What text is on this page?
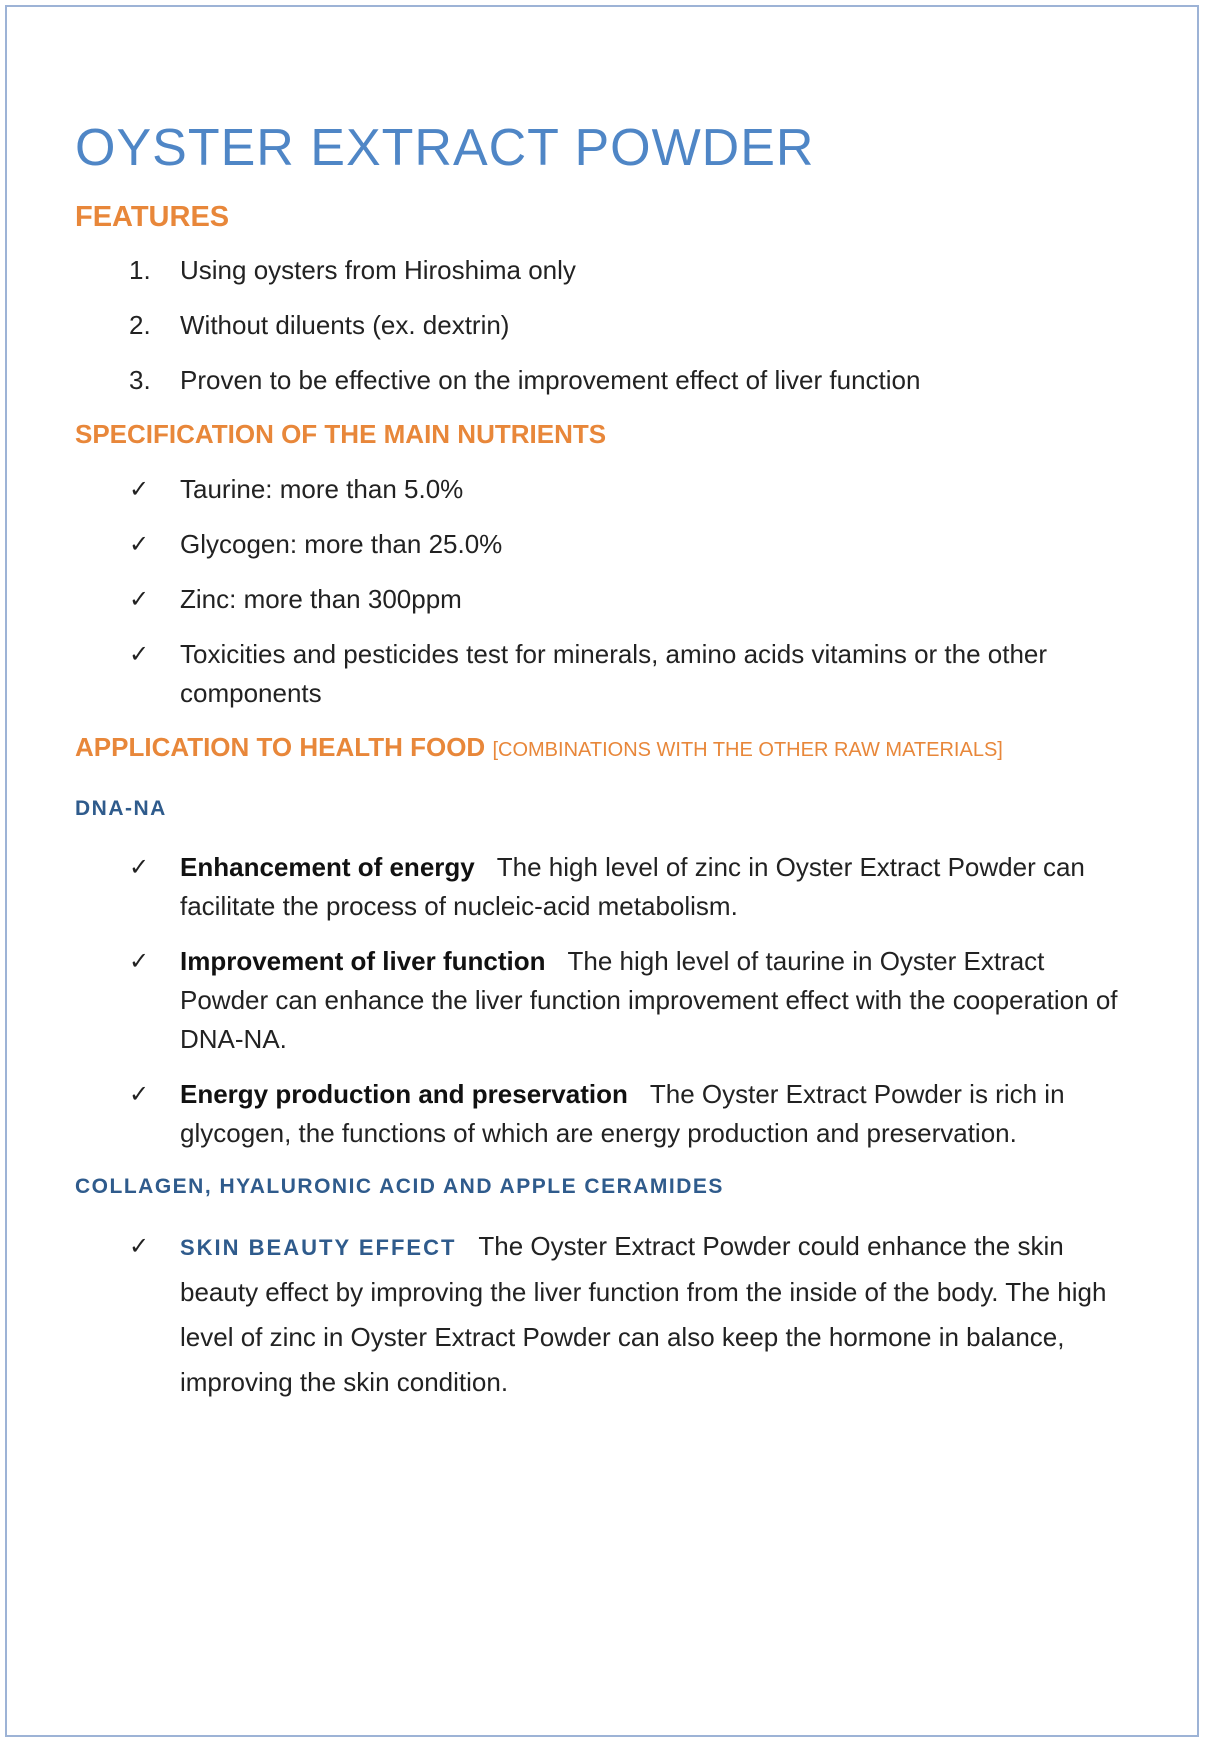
OYSTER EXTRACT POWDER
FEATURES
1.	Using oysters from Hiroshima only
2.	Without diluents (ex. dextrin)
3.	Proven to be effective on the improvement effect of liver function
SPECIFICATION OF THE MAIN NUTRIENTS
✓	Taurine: more than 5.0%
✓	Glycogen: more than 25.0%
✓	Zinc: more than 300ppm
✓	Toxicities and pesticides test for minerals, amino acids vitamins or the other components
APPLICATION TO HEALTH FOOD [COMBINATIONS WITH THE OTHER RAW MATERIALS]
DNA-NA
✓	Enhancement of energy The high level of zinc in Oyster Extract Powder can facilitate the process of nucleic-acid metabolism.
✓	Improvement of liver function The high level of taurine in Oyster Extract Powder can enhance the liver function improvement effect with the cooperation of DNA-NA.
✓	Energy production and preservation The Oyster Extract Powder is rich in glycogen, the functions of which are energy production and preservation.
COLLAGEN, HYALURONIC ACID AND APPLE CERAMIDES
✓	SKIN BEAUTY EFFECT The Oyster Extract Powder could enhance the skin beauty effect by improving the liver function from the inside of the body. The high level of zinc in Oyster Extract Powder can also keep the hormone in balance, improving the skin condition.
